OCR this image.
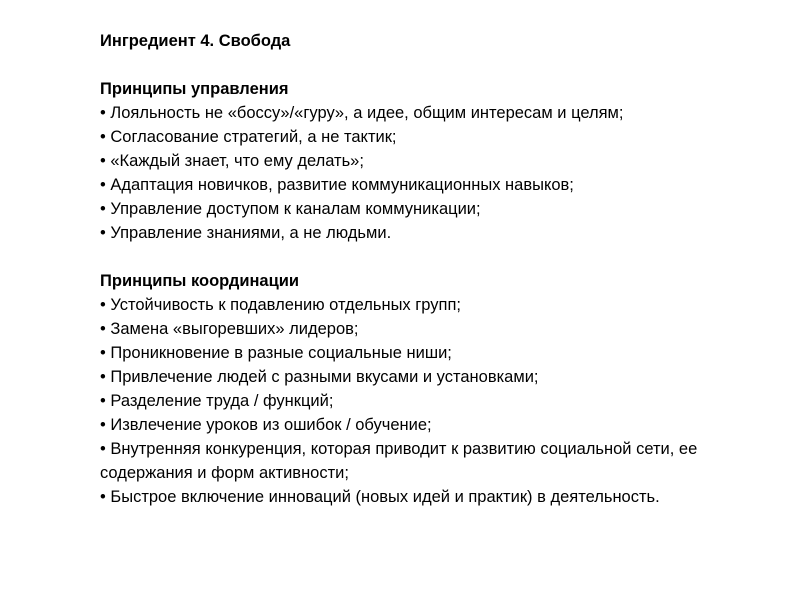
Ингредиент 4. Свобода
Принципы управления
• Лояльность не «боссу»/«гуру», а идее, общим интересам и целям;
• Согласование стратегий, а не тактик;
• «Каждый знает, что ему делать»;
• Адаптация новичков, развитие коммуникационных навыков;
• Управление доступом к каналам коммуникации;
• Управление знаниями, а не людьми.
Принципы координации
• Устойчивость к подавлению отдельных групп;
• Замена «выгоревших» лидеров;
• Проникновение в разные социальные ниши;
• Привлечение людей с разными вкусами и установками;
• Разделение труда / функций;
• Извлечение уроков из ошибок / обучение;
• Внутренняя конкуренция, которая приводит к развитию социальной сети, ее содержания и форм активности;
• Быстрое включение инноваций (новых идей и практик) в деятельность.
